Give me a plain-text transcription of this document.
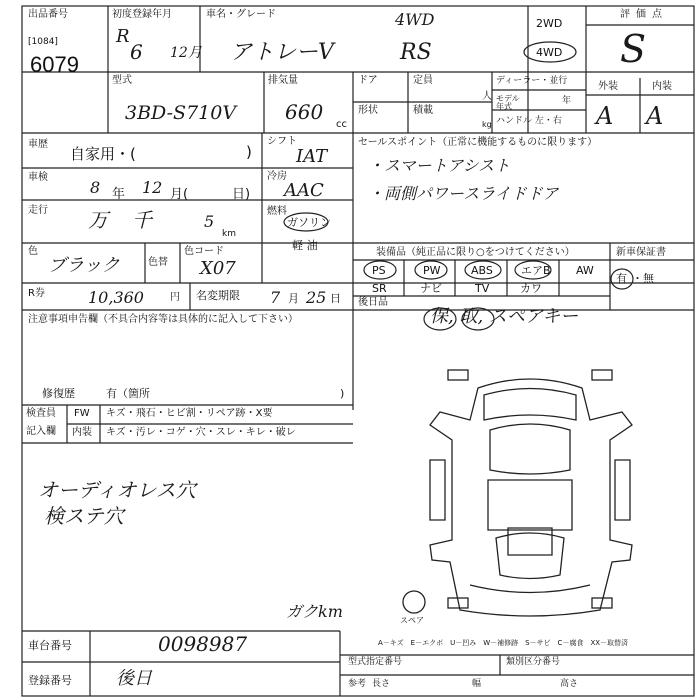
出品番号
[1084]
6079
初度登録年月
R
6 12月
車名・グレード	4WD
アトレーV	RS
2WD
4WD
評価点
S
外装	内装
A A
型式
3BD-S710V
排気量
660
cc
ドア	定員
形状	積載
人
kg
ディーラー・並行
モデル年式
年
ハンドル 左・右
車歴
自家用・(	)
車検
8 年 12 月(	日)
走行 万 千	5
km
色
ブラック	色替
色コード
X07
R券	10,360	円 名変期限 7 月 25 日
シフト
IAT
冷房
AAC
燃料
ガソリン
軽 油
セールスポイント（正常に機能するものに限ります）
・スマートアシスト
・両側パワースライドドア
装備品（純正品に限り○をつけてください）	新車保証書
PS	PW	ABS	エアB AW
SR	ナビ	TV	カワ
有 ・無
後日品
保, 取, スペアキー
注意事項申告欄（不具合内容等は具体的に記入して下さい）
修復歴	有（箇所	)
検査員
記入欄
FW キズ・飛石・ヒビ割・リペア跡・X要
内装 キズ・汚レ・コゲ・穴・スレ・キレ・破レ
オーディオレス穴
検ステ穴
ガクkm	スペア
車台番号	0098987
登録番号 後日
A－キズ　E－エクボ　U－凹み　W－補修跡　S－サビ　C－腐食　XX－取替済
型式指定番号	類別区分番号
参考 長さ	幅	高さ
